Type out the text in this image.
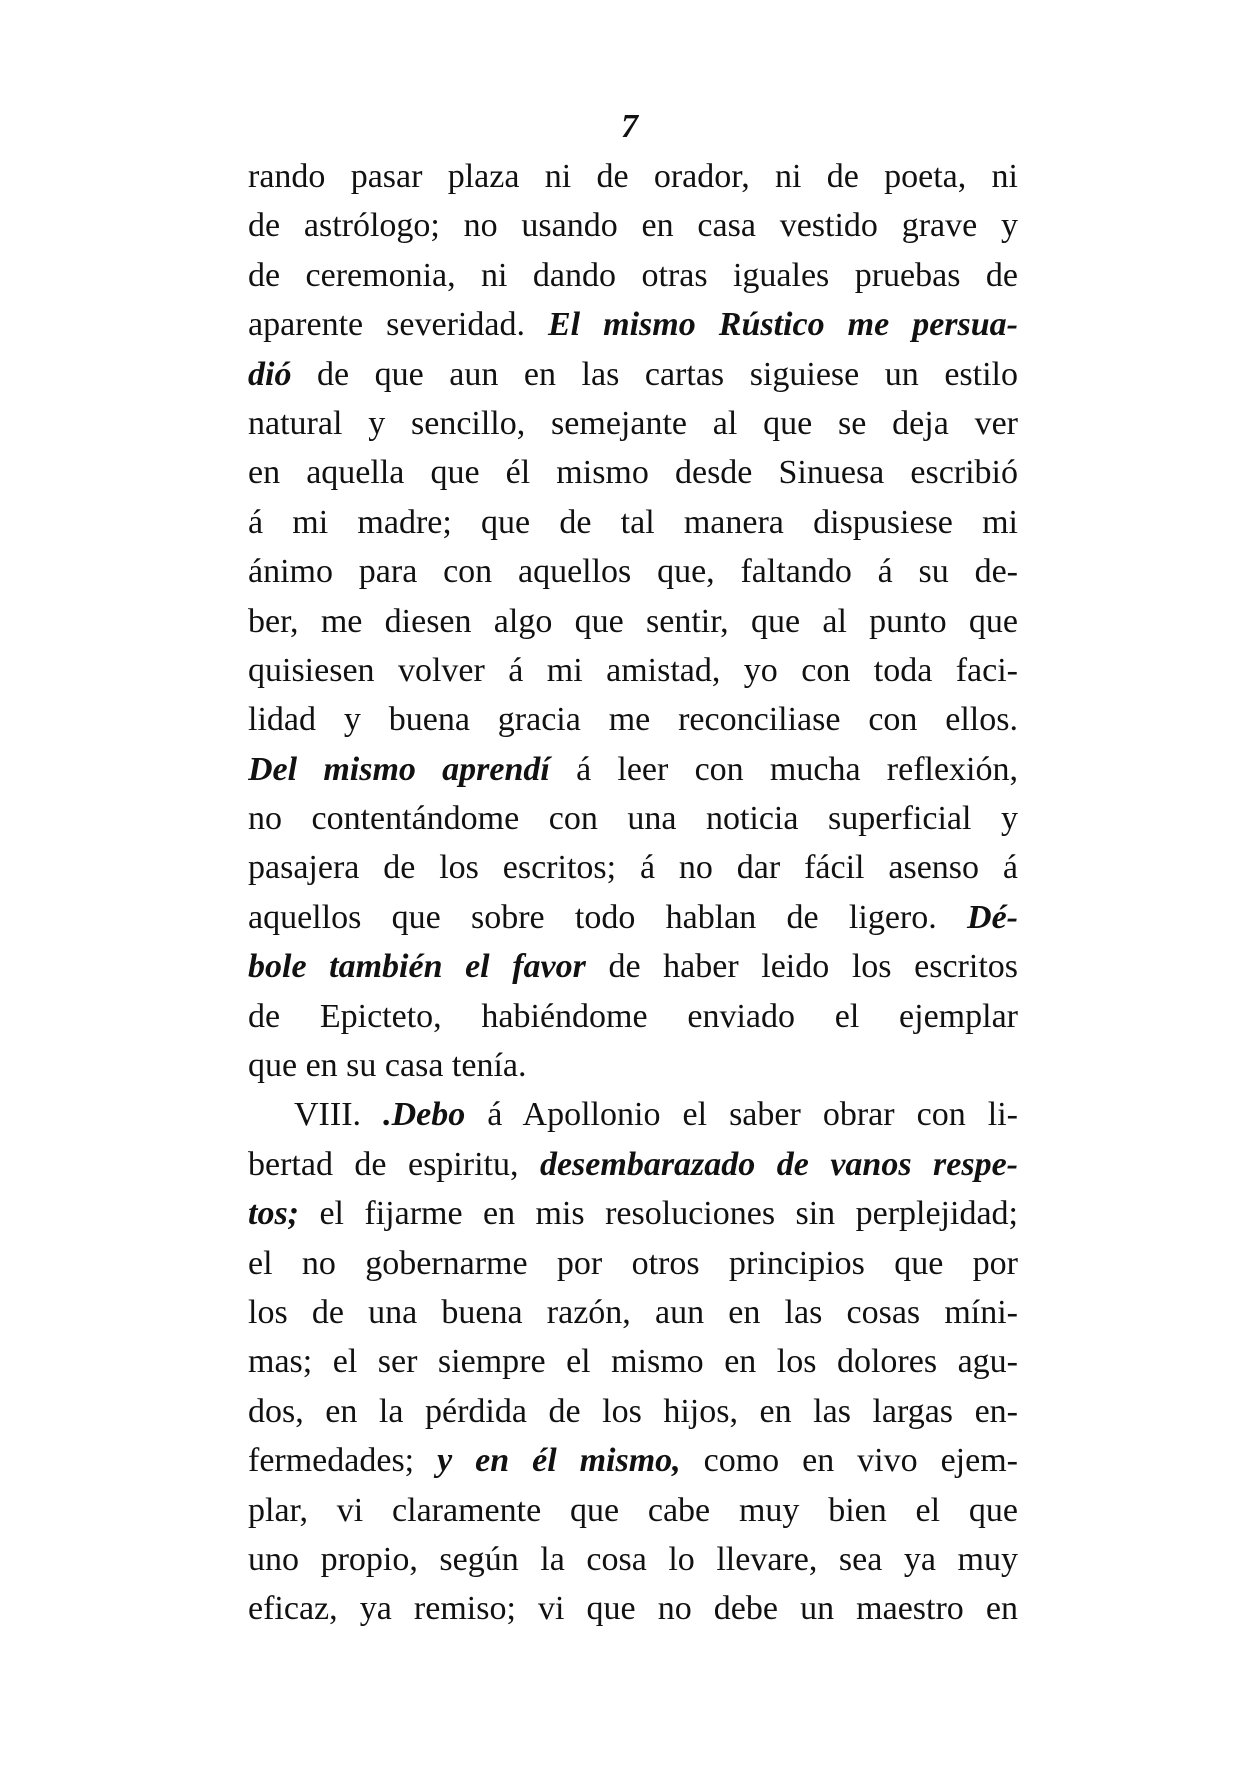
7
rando pasar plaza ni de orador, ni de poeta, ni
de astrólogo; no usando en casa vestido grave y
de ceremonia, ni dando otras iguales pruebas de
aparente severidad. El mismo Rústico me persua-
dió de que aun en las cartas siguiese un estilo
natural y sencillo, semejante al que se deja ver
en aquella que él mismo desde Sinuesa escribió
á mi madre; que de tal manera dispusiese mi
ánimo para con aquellos que, faltando á su de-
ber, me diesen algo que sentir, que al punto que
quisiesen volver á mi amistad, yo con toda faci-
lidad y buena gracia me reconciliase con ellos.
Del mismo aprendí á leer con mucha reflexión,
no contentándome con una noticia superficial y
pasajera de los escritos; á no dar fácil asenso á
aquellos que sobre todo hablan de ligero. Dé-
bole también el favor de haber leido los escritos
de Epicteto, habiéndome enviado el ejemplar
que en su casa tenía.
VIII. .Debo á Apollonio el saber obrar con li-
bertad de espiritu, desembarazado de vanos respe-
tos; el fijarme en mis resoluciones sin perplejidad;
el no gobernarme por otros principios que por
los de una buena razón, aun en las cosas míni-
mas; el ser siempre el mismo en los dolores agu-
dos, en la pérdida de los hijos, en las largas en-
fermedades; y en él mismo, como en vivo ejem-
plar, vi claramente que cabe muy bien el que
uno propio, según la cosa lo llevare, sea ya muy
eficaz, ya remiso; vi que no debe un maestro en
